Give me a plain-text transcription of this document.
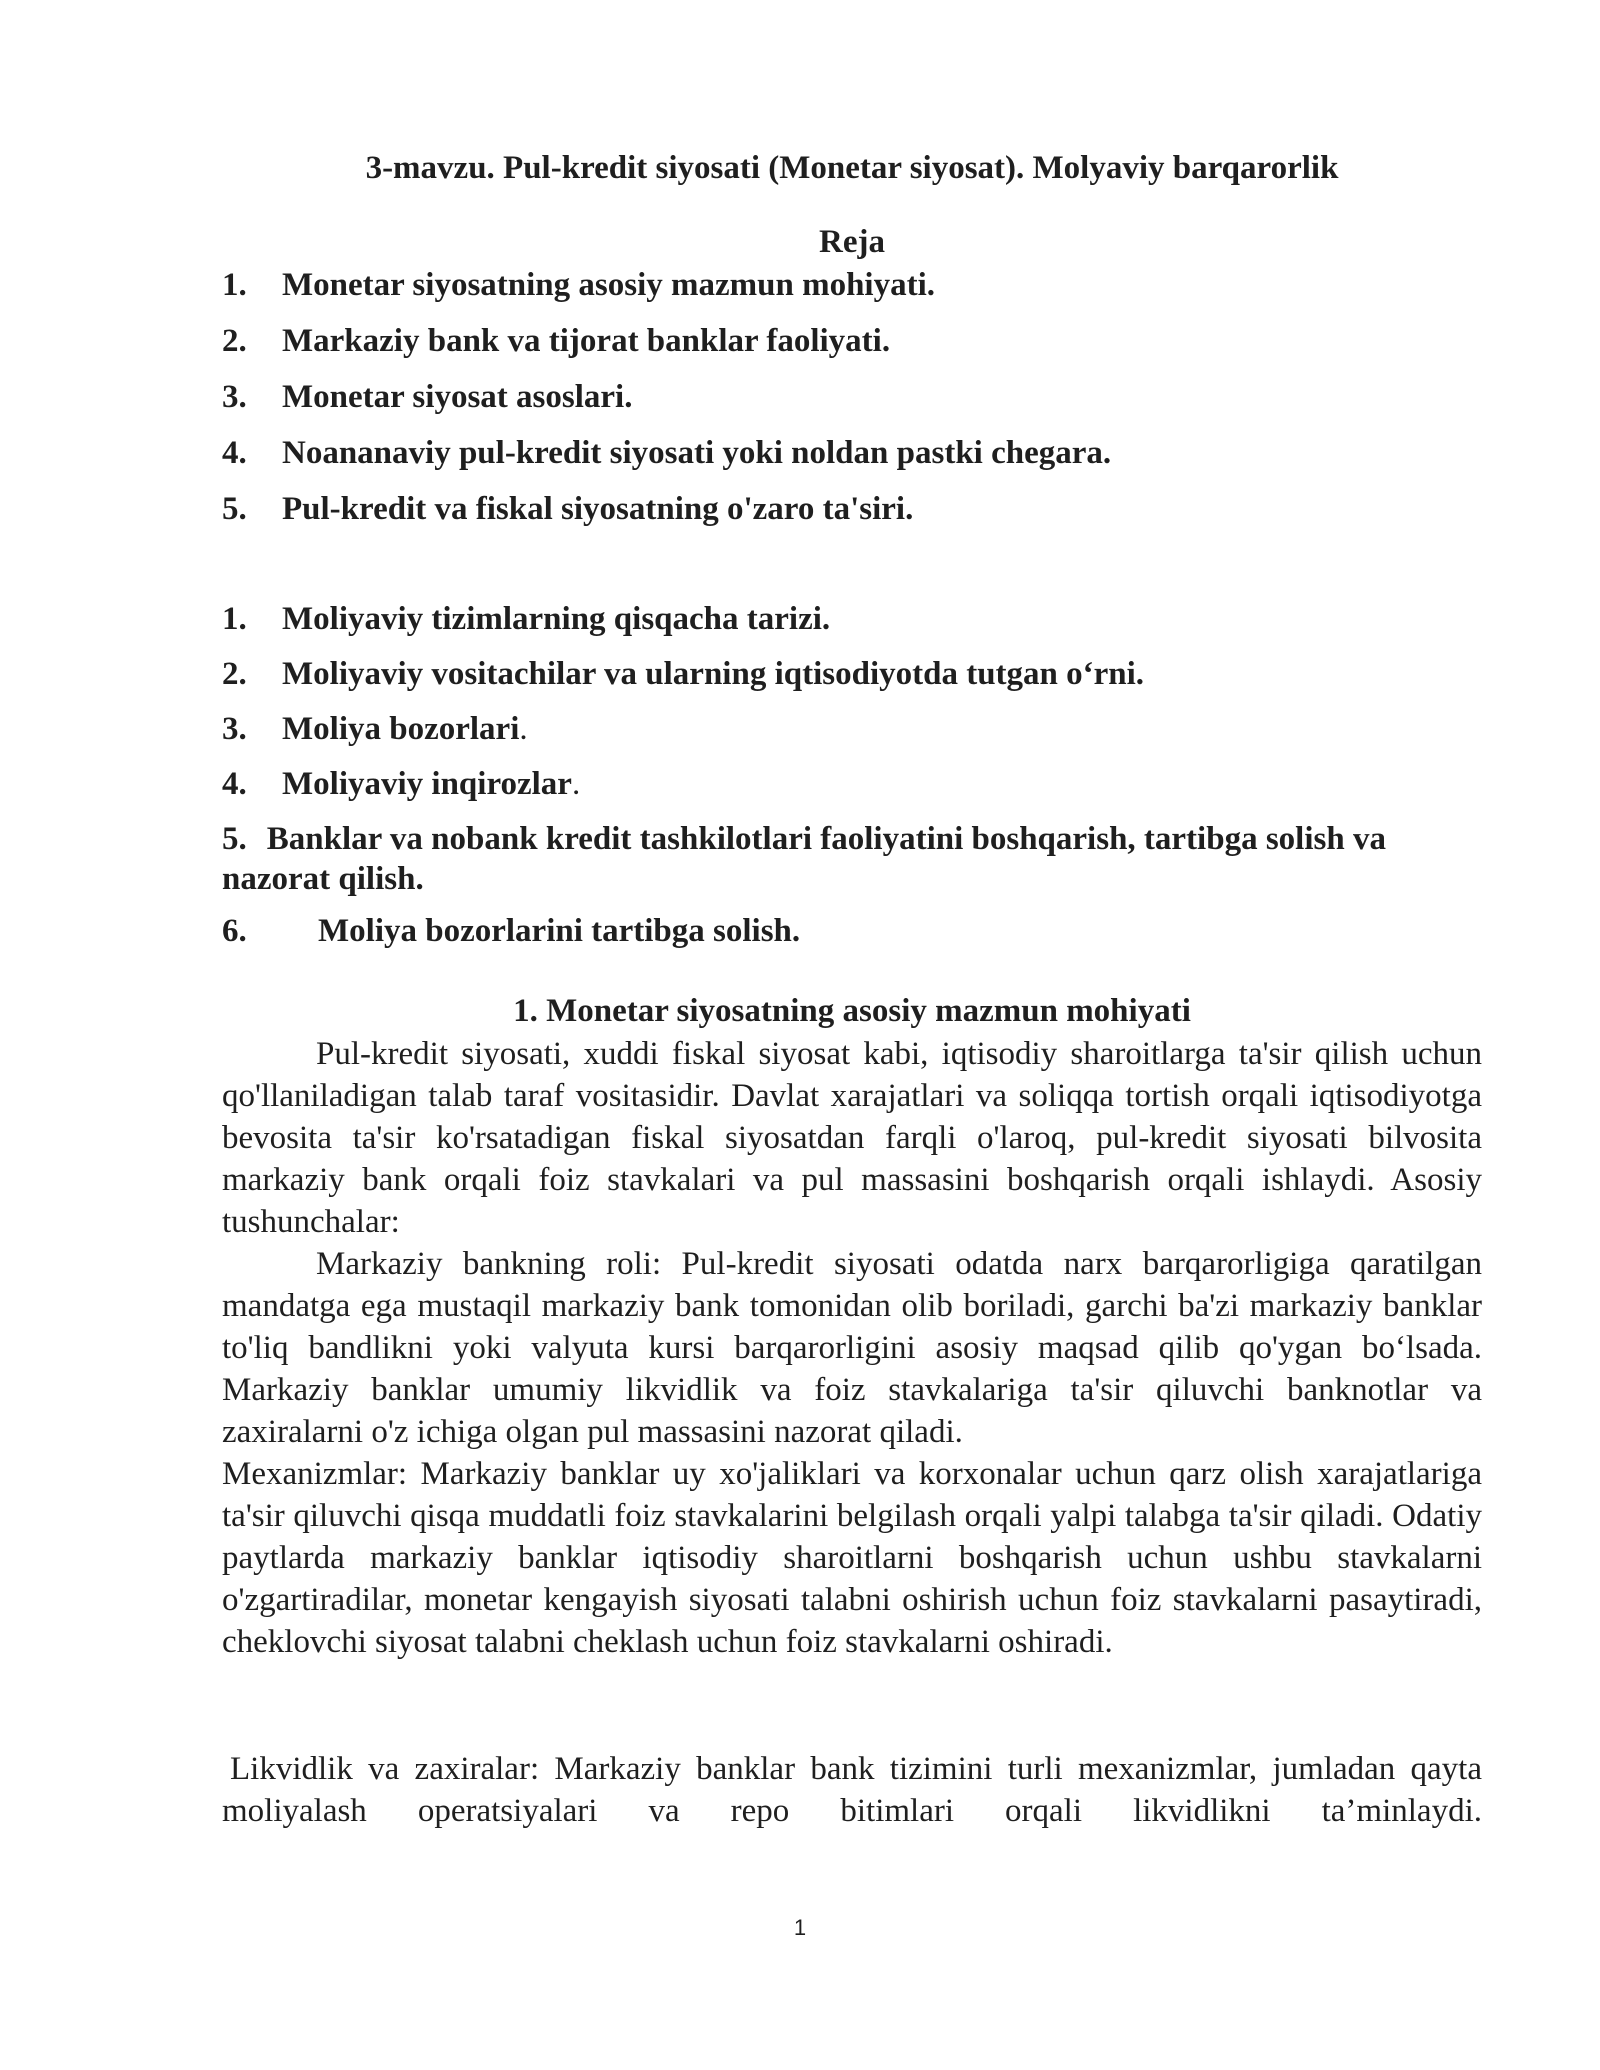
3-mavzu. Pul-kredit siyosati (Monetar siyosat). Molyaviy barqarorlik
Reja
1. Monetar siyosatning asosiy mazmun mohiyati.
2. Markaziy bank va tijorat banklar faoliyati.
3. Monetar siyosat asoslari.
4. Noananaviy pul-kredit siyosati yoki noldan pastki chegara.
5. Pul-kredit va fiskal siyosatning o'zaro ta'siri.
1. Moliyaviy tizimlarning qisqacha tarizi.
2. Moliyaviy vositachilar va ularning iqtisodiyotda tutgan o‘rni.
3. Moliya bozorlari.
4. Moliyaviy inqirozlar.
5. Banklar va nobank kredit tashkilotlari faoliyatini boshqarish, tartibga solish va nazorat qilish.
6. Moliya bozorlarini tartibga solish.
1. Monetar siyosatning asosiy mazmun mohiyati

Pul-kredit siyosati, xuddi fiskal siyosat kabi, iqtisodiy sharoitlarga ta'sir qilish uchun qo'llaniladigan talab taraf vositasidir. Davlat xarajatlari va soliqqa tortish orqali iqtisodiyotga bevosita ta'sir ko'rsatadigan fiskal siyosatdan farqli o'laroq, pul-kredit siyosati bilvosita markaziy bank orqali foiz stavkalari va pul massasini boshqarish orqali ishlaydi. Asosiy tushunchalar:

Markaziy bankning roli: Pul-kredit siyosati odatda narx barqarorligiga qaratilgan mandatga ega mustaqil markaziy bank tomonidan olib boriladi, garchi ba'zi markaziy banklar to'liq bandlikni yoki valyuta kursi barqarorligini asosiy maqsad qilib qo'ygan bo‘lsada. Markaziy banklar umumiy likvidlik va foiz stavkalariga ta'sir qiluvchi banknotlar va zaxiralarni o'z ichiga olgan pul massasini nazorat qiladi.

Mexanizmlar: Markaziy banklar uy xo'jaliklari va korxonalar uchun qarz olish xarajatlariga ta'sir qiluvchi qisqa muddatli foiz stavkalarini belgilash orqali yalpi talabga ta'sir qiladi. Odatiy paytlarda markaziy banklar iqtisodiy sharoitlarni boshqarish uchun ushbu stavkalarni o'zgartiradilar, monetar kengayish siyosati talabni oshirish uchun foiz stavkalarni pasaytiradi, cheklovchi siyosat talabni cheklash uchun foiz stavkalarni oshiradi.

Likvidlik va zaxiralar: Markaziy banklar bank tizimini turli mexanizmlar, jumladan qayta moliyalash operatsiyalari va repo bitimlari orqali likvidlikni ta’minlaydi.

1
